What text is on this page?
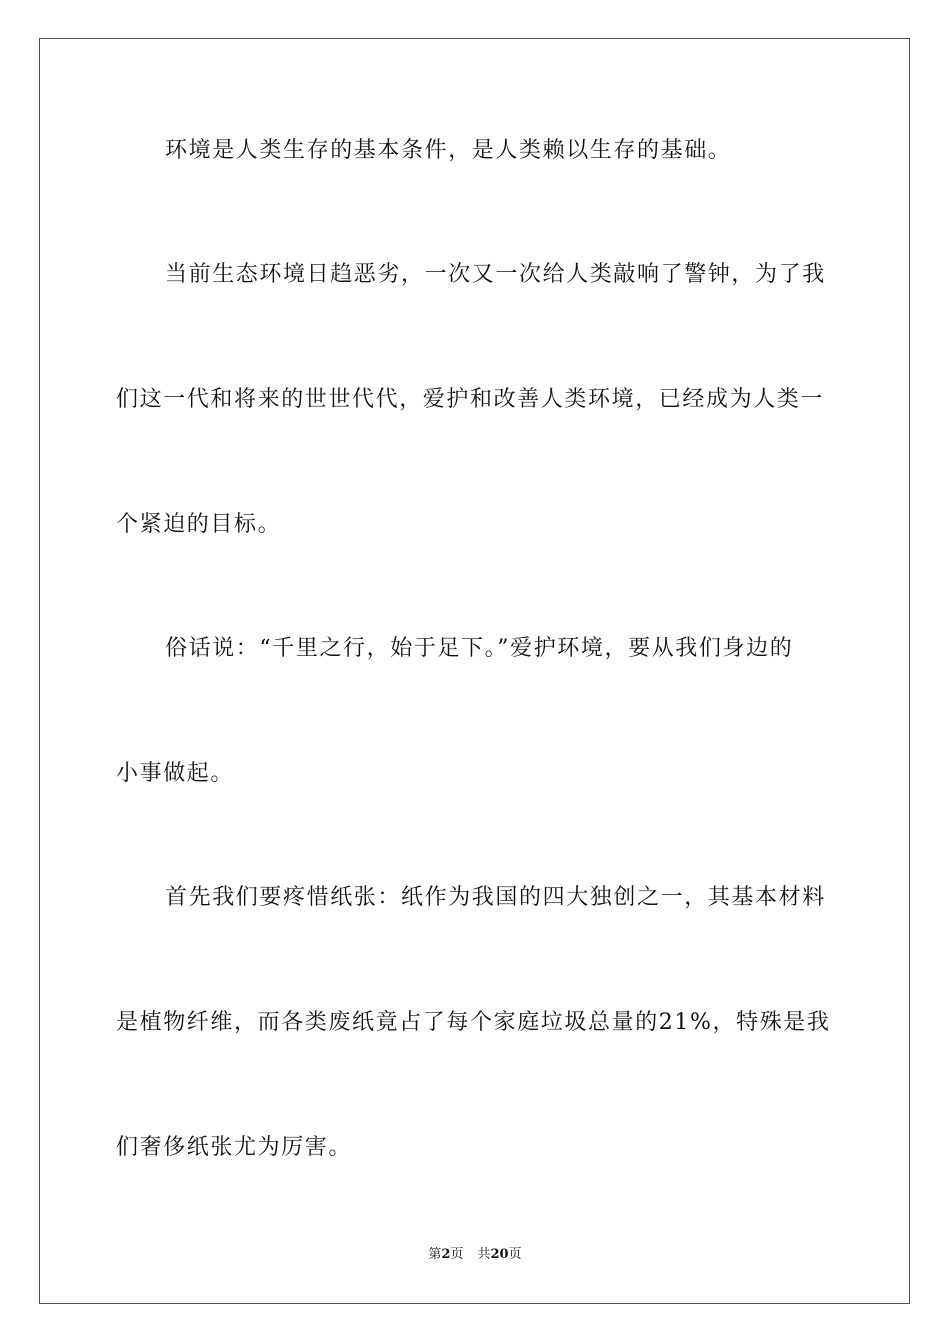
环境是人类生存的基本条件，是人类赖以生存的基础。
当前生态环境日趋恶劣，一次又一次给人类敲响了警钟，为了我
们这一代和将来的世世代代，爱护和改善人类环境，已经成为人类一
个紧迫的目标。
俗话说：“千里之行，始于足下。”爱护环境，要从我们身边的
小事做起。
首先我们要疼惜纸张：纸作为我国的四大独创之一，其基本材料
是植物纤维，而各类废纸竟占了每个家庭垃圾总量的21%，特殊是我
们奢侈纸张尤为厉害。
第2页 共20页
